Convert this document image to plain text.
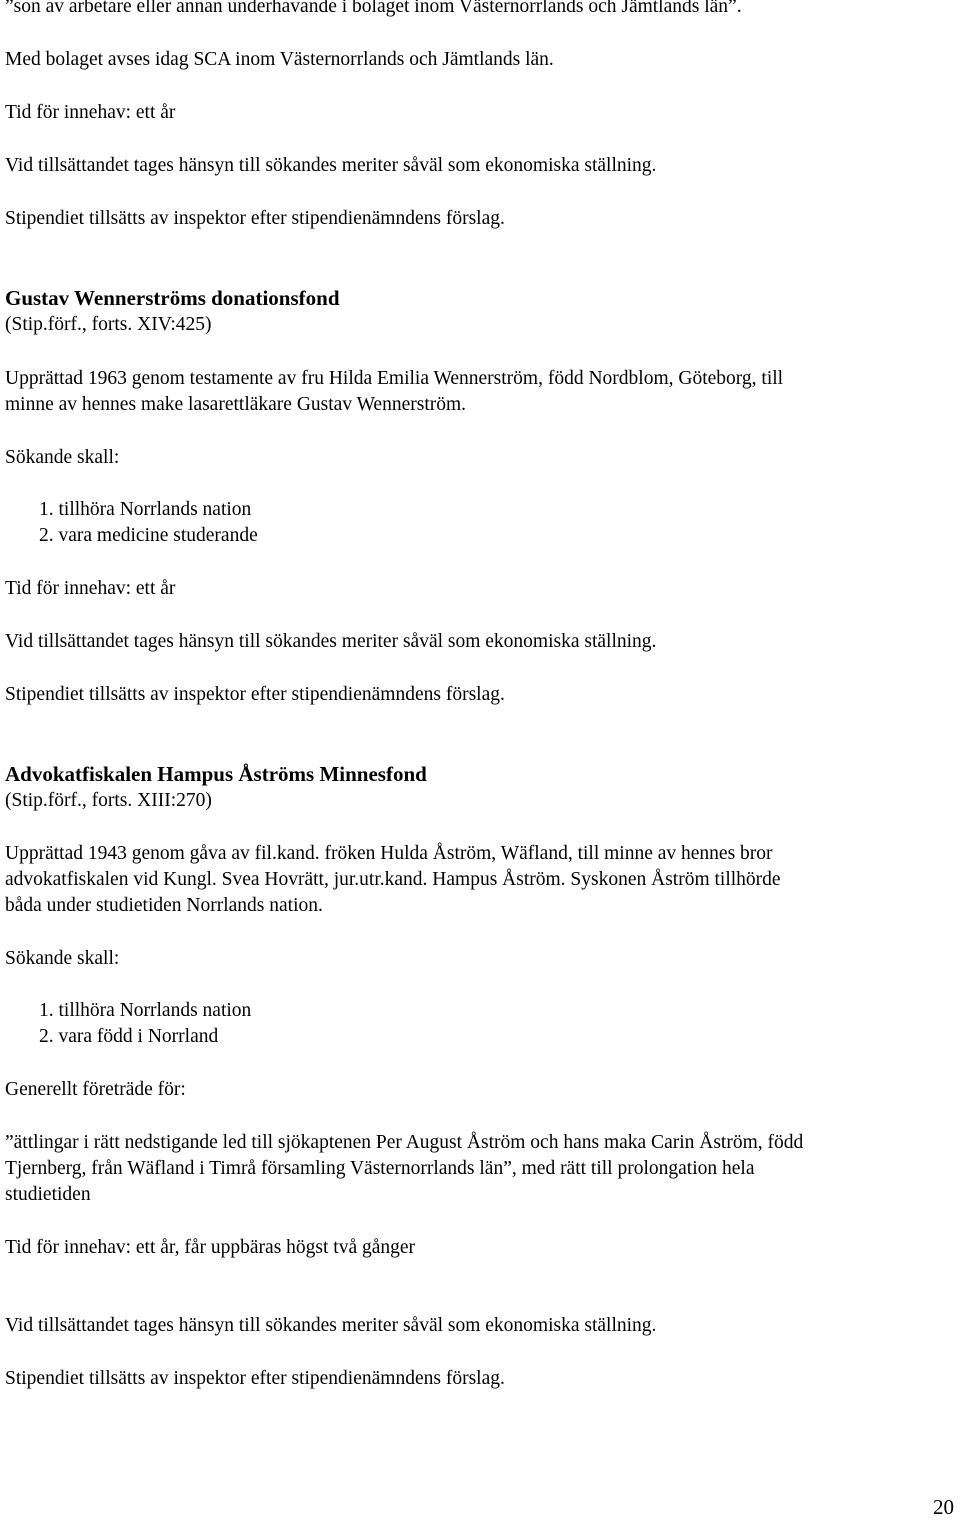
”son av arbetare eller annan underhavande i bolaget inom Västernorrlands och Jämtlands län”.
Med bolaget avses idag SCA inom Västernorrlands och Jämtlands län.
Tid för innehav: ett år
Vid tillsättandet tages hänsyn till sökandes meriter såväl som ekonomiska ställning.
Stipendiet tillsätts av inspektor efter stipendienämndens förslag.
Gustav Wennerströms donationsfond
(Stip.förf., forts. XIV:425)
Upprättad 1963 genom testamente av fru Hilda Emilia Wennerström, född Nordblom, Göteborg, till
minne av hennes make lasarettläkare Gustav Wennerström.
Sökande skall:
1. tillhöra Norrlands nation
2. vara medicine studerande
Tid för innehav: ett år
Vid tillsättandet tages hänsyn till sökandes meriter såväl som ekonomiska ställning.
Stipendiet tillsätts av inspektor efter stipendienämndens förslag.
Advokatfiskalen Hampus Åströms Minnesfond
(Stip.förf., forts. XIII:270)
Upprättad 1943 genom gåva av fil.kand. fröken Hulda Åström, Wäfland, till minne av hennes bror
advokatfiskalen vid Kungl. Svea Hovrätt, jur.utr.kand. Hampus Åström. Syskonen Åström tillhörde
båda under studietiden Norrlands nation.
Sökande skall:
1. tillhöra Norrlands nation
2. vara född i Norrland
Generellt företräde för:
”ättlingar i rätt nedstigande led till sjökaptenen Per August Åström och hans maka Carin Åström, född
Tjernberg, från Wäfland i Timrå församling Västernorrlands län”, med rätt till prolongation hela
studietiden
Tid för innehav: ett år, får uppbäras högst två gånger
Vid tillsättandet tages hänsyn till sökandes meriter såväl som ekonomiska ställning.
Stipendiet tillsätts av inspektor efter stipendienämndens förslag.
20
